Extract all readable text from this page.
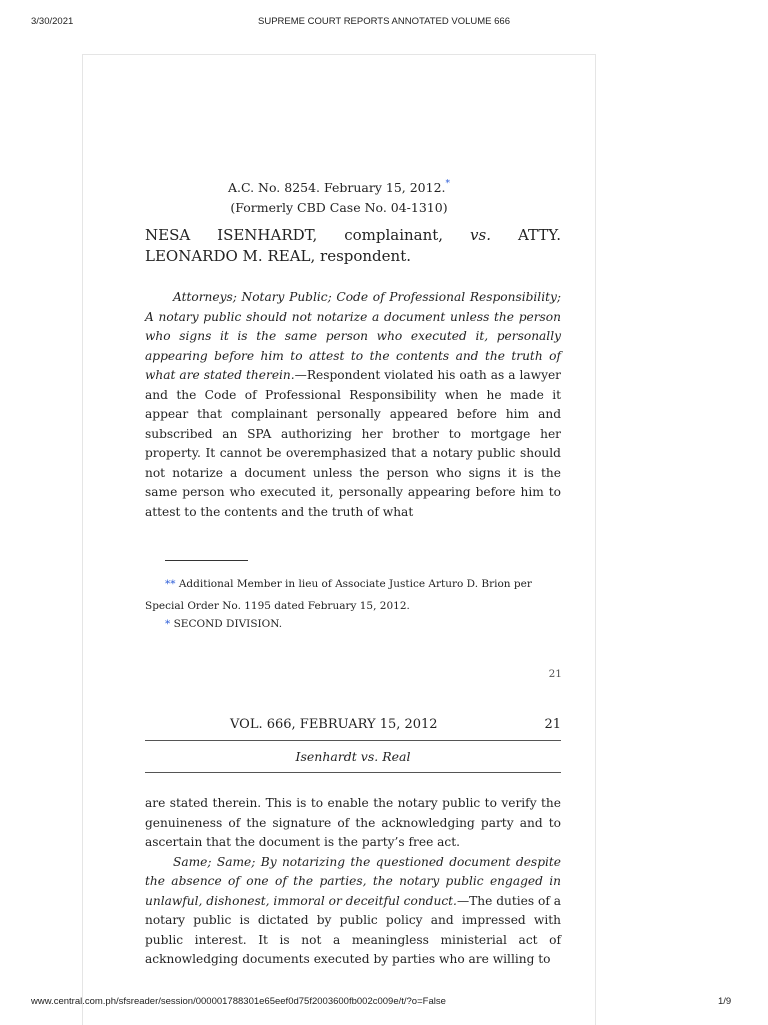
3/30/2021	SUPREME COURT REPORTS ANNOTATED VOLUME 666
A.C. No. 8254. February 15, 2012.*
(Formerly CBD Case No. 04-1310)
NESA ISENHARDT, complainant, vs. ATTY. LEONARDO M. REAL, respondent.

Attorneys; Notary Public; Code of Professional Responsibility; A notary public should not notarize a document unless the person who signs it is the same person who executed it, personally appearing before him to attest to the contents and the truth of what are stated therein.—Respondent violated his oath as a lawyer and the Code of Professional Responsibility when he made it appear that complainant personally appeared before him and subscribed an SPA authorizing her brother to mortgage her property. It cannot be overemphasized that a notary public should not notarize a document unless the person who signs it is the same person who executed it, personally appearing before him to attest to the contents and the truth of what

** Additional Member in lieu of Associate Justice Arturo D. Brion per Special Order No. 1195 dated February 15, 2012.
* SECOND DIVISION.
21
VOL. 666, FEBRUARY 15, 2012	21
Isenhardt vs. Real

are stated therein. This is to enable the notary public to verify the genuineness of the signature of the acknowledging party and to ascertain that the document is the party’s free act.

Same; Same; By notarizing the questioned document despite the absence of one of the parties, the notary public engaged in unlawful, dishonest, immoral or deceitful conduct.—The duties of a notary public is dictated by public policy and impressed with public interest. It is not a meaningless ministerial act of acknowledging documents executed by parties who are willing to

www.central.com.ph/sfsreader/session/000001788301e65eef0d75f2003600fb002c009e/t/?o=False	1/9
